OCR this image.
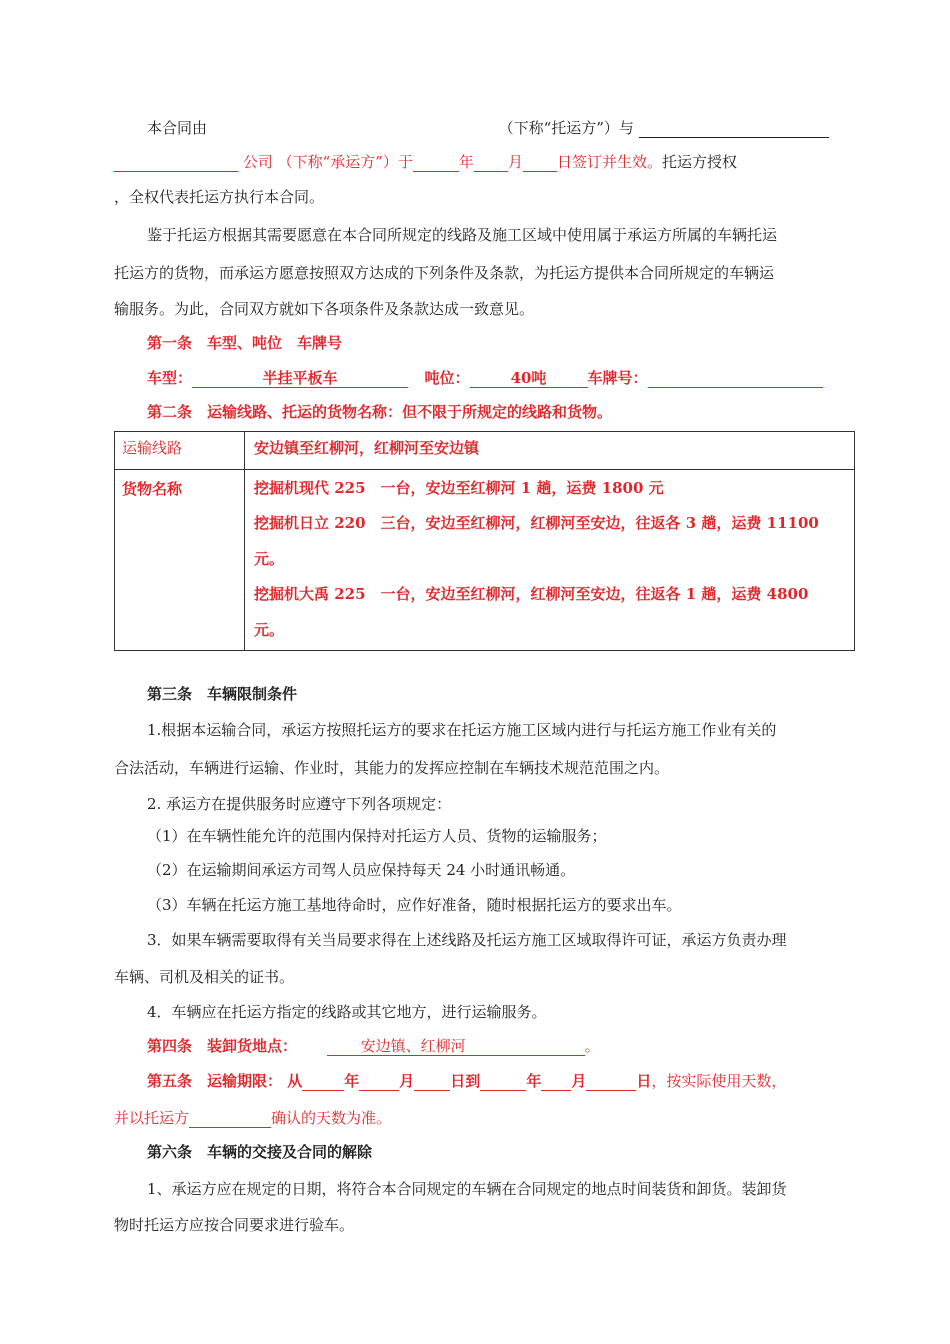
本合同由	（下称“托运方”）与
公司 （下称“承运方”）于	年 月 日签订并生效。托运方授权
，全权代表托运方执行本合同。
鉴于托运方根据其需要愿意在本合同所规定的线路及施工区域中使用属于承运方所属的车辆托运
托运方的货物，而承运方愿意按照双方达成的下列条件及条款，为托运方提供本合同所规定的车辆运
输服务。为此，合同双方就如下各项条件及条款达成一致意见。
第一条　车型、吨位　车牌号
车型：	半挂平板车	吨位：	40吨	车牌号：
第二条　运输线路、托运的货物名称：但不限于所规定的线路和货物。
运输线路	安边镇至红柳河，红柳河至安边镇
货物名称	挖掘机现代 225　一台，安边至红柳河 1 趟，运费 1800 元
挖掘机日立 220　三台，安边至红柳河，红柳河至安边，往返各 3 趟，运费 11100
元。
挖掘机大禹 225　一台，安边至红柳河，红柳河至安边，往返各 1 趟，运费 4800
元。
第三条　车辆限制条件
1.根据本运输合同，承运方按照托运方的要求在托运方施工区域内进行与托运方施工作业有关的
合法活动，车辆进行运输、作业时，其能力的发挥应控制在车辆技术规范范围之内。
2. 承运方在提供服务时应遵守下列各项规定：
（1）在车辆性能允许的范围内保持对托运方人员、货物的运输服务；
（2）在运输期间承运方司驾人员应保持每天 24 小时通讯畅通。
（3）车辆在托运方施工基地待命时，应作好准备，随时根据托运方的要求出车。
3．如果车辆需要取得有关当局要求得在上述线路及托运方施工区域取得许可证，承运方负责办理
车辆、司机及相关的证书。
4．车辆应在托运方指定的线路或其它地方，进行运输服务。
第四条　装卸货地点：	安边镇、红柳河	。
第五条　运输期限： 从	年	月 日到	年 月	日，按实际使用天数，
并以托运方	确认的天数为准。
第六条　车辆的交接及合同的解除
1、承运方应在规定的日期，将符合本合同规定的车辆在合同规定的地点时间装货和卸货。装卸货
物时托运方应按合同要求进行验车。
